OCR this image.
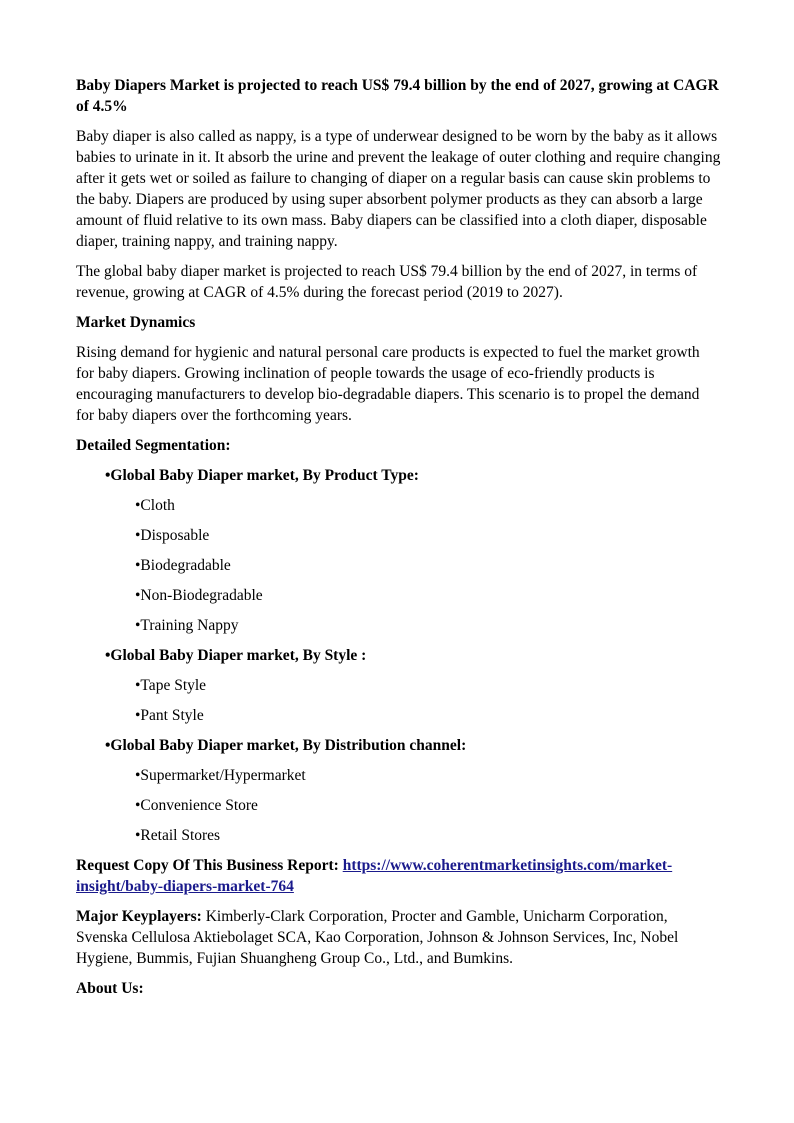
Baby Diapers Market is projected to reach US$ 79.4 billion by the end of 2027, growing at CAGR of 4.5%

Baby diaper is also called as nappy, is a type of underwear designed to be worn by the baby as it allows babies to urinate in it. It absorb the urine and prevent the leakage of outer clothing and require changing after it gets wet or soiled as failure to changing of diaper on a regular basis can cause skin problems to the baby. Diapers are produced by using super absorbent polymer products as they can absorb a large amount of fluid relative to its own mass. Baby diapers can be classified into a cloth diaper, disposable diaper, training nappy, and training nappy.

The global baby diaper market is projected to reach US$ 79.4 billion by the end of 2027, in terms of revenue, growing at CAGR of 4.5% during the forecast period (2019 to 2027).

Market Dynamics

Rising demand for hygienic and natural personal care products is expected to fuel the market growth for baby diapers. Growing inclination of people towards the usage of eco-friendly products is encouraging manufacturers to develop bio-degradable diapers. This scenario is to propel the demand for baby diapers over the forthcoming years.

Detailed Segmentation:

•Global Baby Diaper market, By Product Type:

•Cloth

•Disposable

•Biodegradable

•Non-Biodegradable

•Training Nappy

•Global Baby Diaper market, By Style :

•Tape Style

•Pant Style

•Global Baby Diaper market, By Distribution channel:

•Supermarket/Hypermarket

•Convenience Store

•Retail Stores

Request Copy Of This Business Report: https://www.coherentmarketinsights.com/market-insight/baby-diapers-market-764

Major Keyplayers: Kimberly-Clark Corporation, Procter and Gamble, Unicharm Corporation, Svenska Cellulosa Aktiebolaget SCA, Kao Corporation, Johnson & Johnson Services, Inc, Nobel Hygiene, Bummis, Fujian Shuangheng Group Co., Ltd., and Bumkins.

About Us:
